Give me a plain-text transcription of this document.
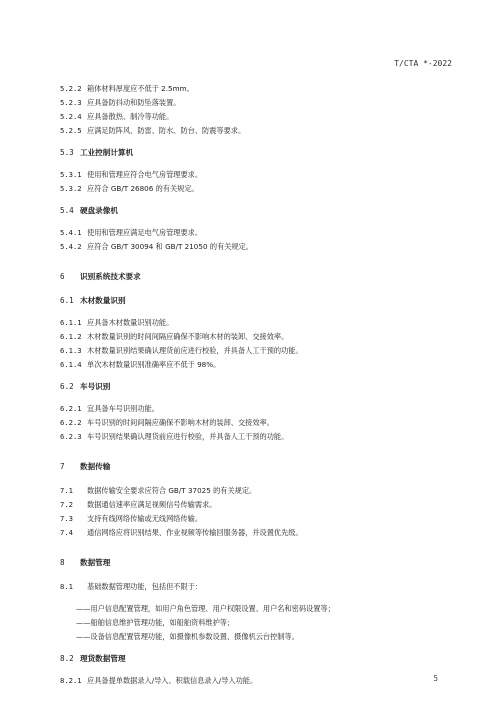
T/CTA *-2022
5.2.2 箱体材料厚度应不低于 2.5mm。
5.2.3 应具备防抖动和防坠落装置。
5.2.4 应具备散热、制冷等功能。
5.2.5 应满足防阵风、防雷、防水、防台、防震等要求。
5.3 工业控制计算机
5.3.1 使用和管理应符合电气房管理要求。
5.3.2 应符合 GB/T 26806 的有关规定。
5.4 硬盘录像机
5.4.1 使用和管理应满足电气房管理要求。
5.4.2 应符合 GB/T 30094 和 GB/T 21050 的有关规定。
6 识别系统技术要求
6.1 木材数量识别
6.1.1 应具备木材数量识别功能。
6.1.2 木材数量识别的时间间隔应确保不影响木材的装卸、交接效率。
6.1.3 木材数量识别结果确认理货前应进行校验，并具备人工干预的功能。
6.1.4 单次木材数量识别准确率应不低于 98%。
6.2 车号识别
6.2.1 宜具备车号识别功能。
6.2.2 车号识别的时间间隔应确保不影响木材的装卸、交接效率。
6.2.3 车号识别结果确认理货前应进行校验，并具备人工干预的功能。
7 数据传输
7.1 数据传输安全要求应符合 GB/T 37025 的有关规定。
7.2 数据通信速率应满足视频信号传输需求。
7.3 支持有线网络传输或无线网络传输。
7.4 通信网络应将识别结果、作业视频等传输回服务器，并设置优先级。
8 数据管理
8.1 基础数据管理功能，包括但不限于：
——用户信息配置管理，如用户角色管理、用户权限设置、用户名和密码设置等；
——船舶信息维护管理功能，如船舶资料维护等；
——设备信息配置管理功能，如摄像机参数设置、摄像机云台控制等。
8.2 理货数据管理
8.2.1 应具备提单数据录入/导入、积载信息录入/导入功能。	5
